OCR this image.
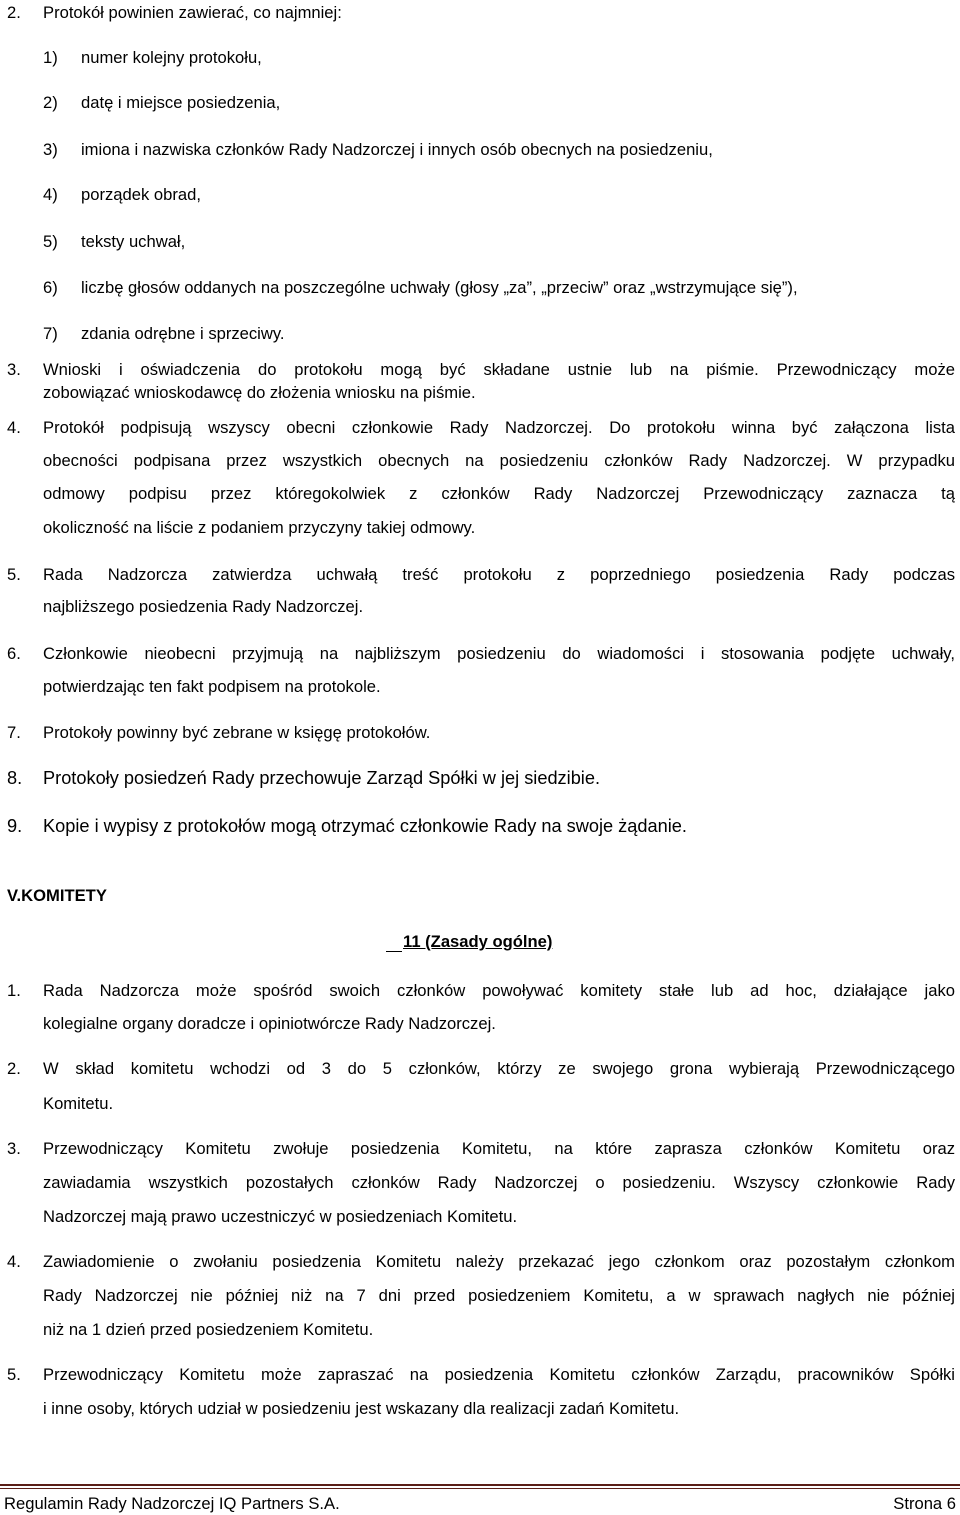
2. Protokół powinien zawierać, co najmniej:
1) numer kolejny protokołu,
2) datę i miejsce posiedzenia,
3) imiona i nazwiska członków Rady Nadzorczej i innych osób obecnych na posiedzeniu,
4) porządek obrad,
5) teksty uchwał,
6) liczbę głosów oddanych na poszczególne uchwały (głosy „za”, „przeciw” oraz „wstrzymujące się”),
7) zdania odrębne i sprzeciwy.
3. Wnioski i oświadczenia do protokołu mogą być składane ustnie lub na piśmie. Przewodniczący może
zobowiązać wnioskodawcę do złożenia wniosku na piśmie.
4. Protokół podpisują wszyscy obecni członkowie Rady Nadzorczej. Do protokołu winna być załączona lista
obecności podpisana przez wszystkich obecnych na posiedzeniu członków Rady Nadzorczej. W przypadku
odmowy podpisu przez któregokolwiek z członków Rady Nadzorczej Przewodniczący zaznacza tą
okoliczność na liście z podaniem przyczyny takiej odmowy.
5. Rada Nadzorcza zatwierdza uchwałą treść protokołu z poprzedniego posiedzenia Rady podczas
najbliższego posiedzenia Rady Nadzorczej.
6. Członkowie nieobecni przyjmują na najbliższym posiedzeniu do wiadomości i stosowania podjęte uchwały,
potwierdzając ten fakt podpisem na protokole.
7. Protokoły powinny być zebrane w księgę protokołów.
8. Protokoły posiedzeń Rady przechowuje Zarząd Spółki w jej siedzibie.
9. Kopie i wypisy z protokołów mogą otrzymać członkowie Rady na swoje żądanie.
V.KOMITETY
11 (Zasady ogólne)
1. Rada Nadzorcza może spośród swoich członków powoływać komitety stałe lub ad hoc, działające jako
kolegialne organy doradcze i opiniotwórcze Rady Nadzorczej.
2. W skład komitetu wchodzi od 3 do 5 członków, którzy ze swojego grona wybierają Przewodniczącego
Komitetu.
3. Przewodniczący Komitetu zwołuje posiedzenia Komitetu, na które zaprasza członków Komitetu oraz
zawiadamia wszystkich pozostałych członków Rady Nadzorczej o posiedzeniu. Wszyscy członkowie Rady
Nadzorczej mają prawo uczestniczyć w posiedzeniach Komitetu.
4. Zawiadomienie o zwołaniu posiedzenia Komitetu należy przekazać jego członkom oraz pozostałym członkom
Rady Nadzorczej nie później niż na 7 dni przed posiedzeniem Komitetu, a w sprawach nagłych nie później
niż na 1 dzień przed posiedzeniem Komitetu.
5. Przewodniczący Komitetu może zapraszać na posiedzenia Komitetu członków Zarządu, pracowników Spółki
i inne osoby, których udział w posiedzeniu jest wskazany dla realizacji zadań Komitetu.
Regulamin Rady Nadzorczej IQ Partners S.A.	Strona 6
